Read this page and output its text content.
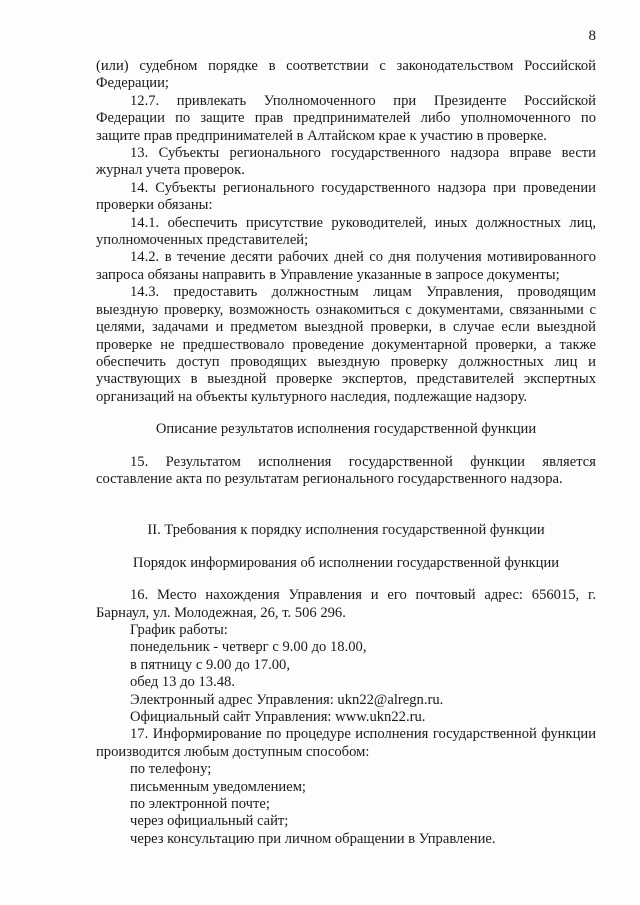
8

(или) судебном порядке в соответствии с законодательством Российской Федерации;

12.7. привлекать Уполномоченного при Президенте Российской Федерации по защите прав предпринимателей либо уполномоченного по защите прав предпринимателей в Алтайском крае к участию в проверке.

13. Субъекты регионального государственного надзора вправе вести журнал учета проверок.

14. Субъекты регионального государственного надзора при проведении проверки обязаны:

14.1. обеспечить присутствие руководителей, иных должностных лиц, уполномоченных представителей;

14.2. в течение десяти рабочих дней со дня получения мотивированного запроса обязаны направить в Управление указанные в запросе документы;

14.3. предоставить должностным лицам Управления, проводящим выездную проверку, возможность ознакомиться с документами, связанными с целями, задачами и предметом выездной проверки, в случае если выездной проверке не предшествовало проведение документарной проверки, а также обеспечить доступ проводящих выездную проверку должностных лиц и участвующих в выездной проверке экспертов, представителей экспертных организаций на объекты культурного наследия, подлежащие надзору.

Описание результатов исполнения государственной функции

15. Результатом исполнения государственной функции является составление акта по результатам регионального государственного надзора.

II. Требования к порядку исполнения государственной функции

Порядок информирования об исполнении государственной функции

16. Место нахождения Управления и его почтовый адрес: 656015, г. Барнаул, ул. Молодежная, 26, т. 506 296.

График работы:

понедельник - четверг с 9.00 до 18.00,

в пятницу с 9.00 до 17.00,

обед 13 до 13.48.

Электронный адрес Управления: ukn22@alregn.ru.

Официальный сайт Управления: www.ukn22.ru.

17. Информирование по процедуре исполнения государственной функции производится любым доступным способом:

по телефону;

письменным уведомлением;

по электронной почте;

через официальный сайт;

через консультацию при личном обращении в Управление.
